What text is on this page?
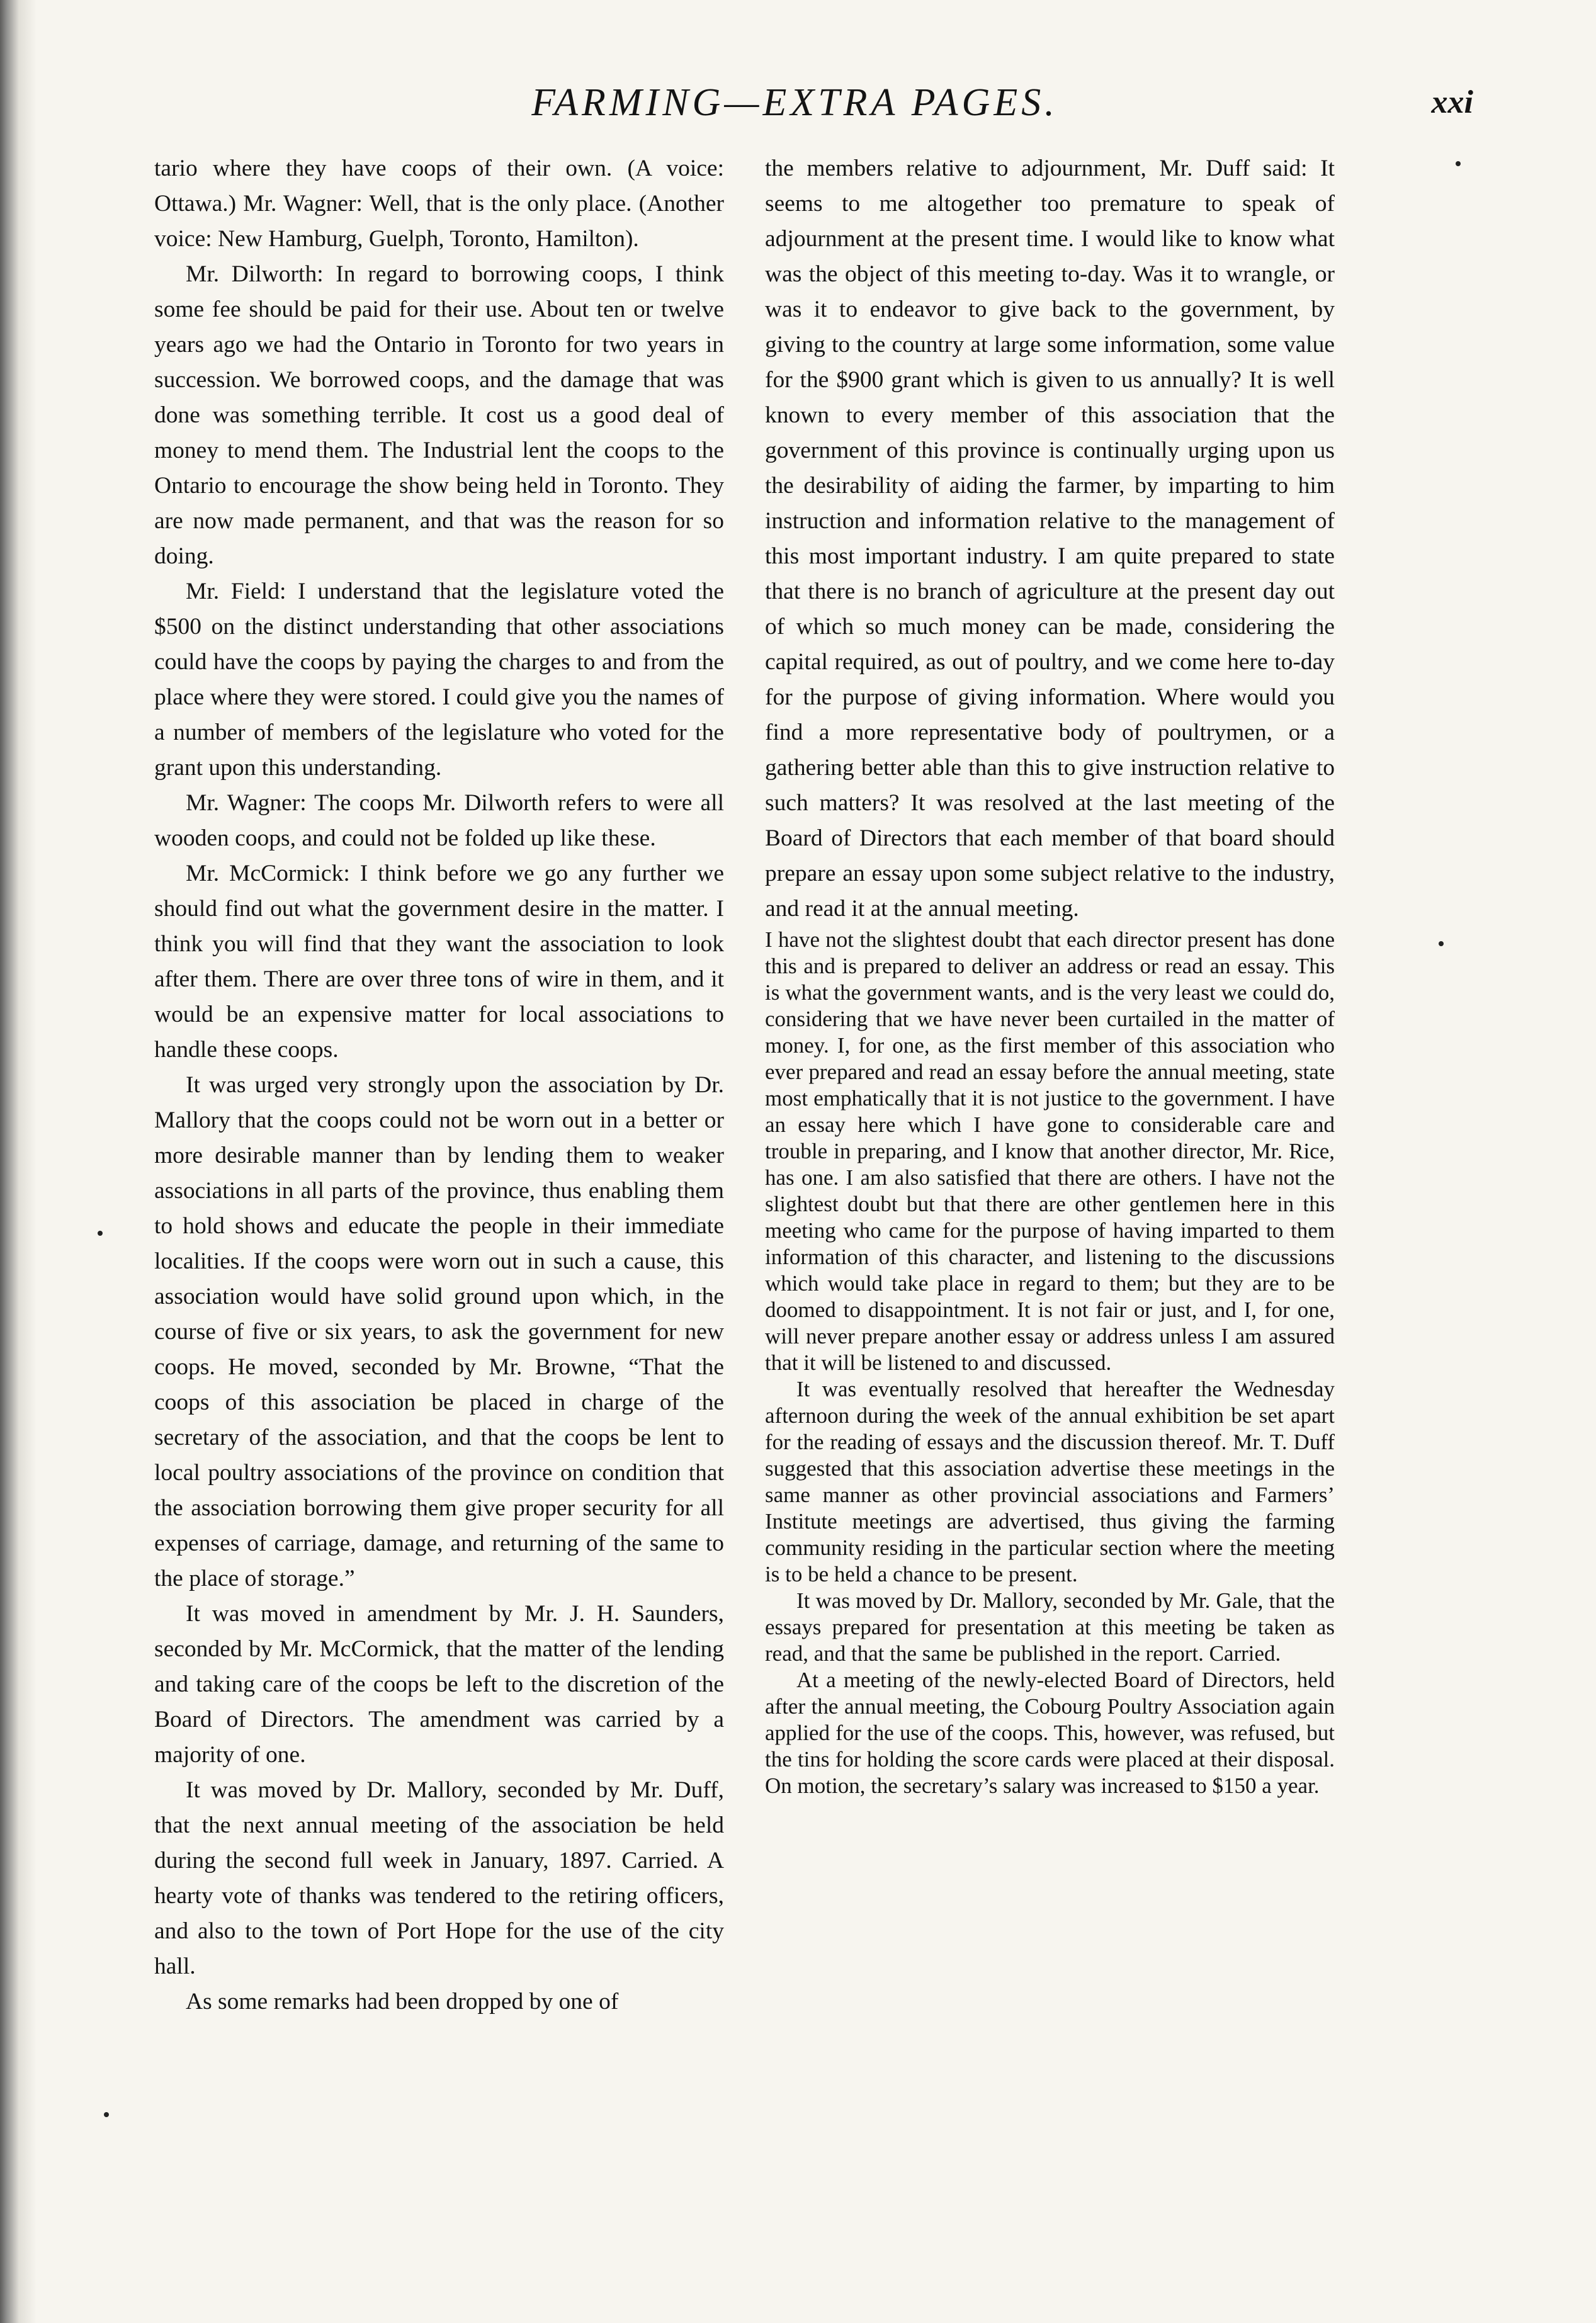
FARMING—EXTRA PAGES.	xxi

tario where they have coops of their own. (A voice: Ottawa.) Mr. Wagner: Well, that is the only place. (Another voice: New Hamburg, Guelph, Toronto, Hamilton).

Mr. Dilworth: In regard to borrowing coops, I think some fee should be paid for their use. About ten or twelve years ago we had the Ontario in Toronto for two years in succession. We borrowed coops, and the damage that was done was something terrible. It cost us a good deal of money to mend them. The Industrial lent the coops to the Ontario to encourage the show being held in Toronto. They are now made permanent, and that was the reason for so doing.

Mr. Field: I understand that the legislature voted the $500 on the distinct understanding that other associations could have the coops by paying the charges to and from the place where they were stored. I could give you the names of a number of members of the legislature who voted for the grant upon this understanding.

Mr. Wagner: The coops Mr. Dilworth refers to were all wooden coops, and could not be folded up like these.

Mr. McCormick: I think before we go any further we should find out what the government desire in the matter. I think you will find that they want the association to look after them. There are over three tons of wire in them, and it would be an expensive matter for local associations to handle these coops.

It was urged very strongly upon the association by Dr. Mallory that the coops could not be worn out in a better or more desirable manner than by lending them to weaker associations in all parts of the province, thus enabling them to hold shows and educate the people in their immediate localities. If the coops were worn out in such a cause, this association would have solid ground upon which, in the course of five or six years, to ask the government for new coops. He moved, seconded by Mr. Browne, “That the coops of this association be placed in charge of the secretary of the association, and that the coops be lent to local poultry associations of the province on condition that the association borrowing them give proper security for all expenses of carriage, damage, and returning of the same to the place of storage.”

It was moved in amendment by Mr. J. H. Saunders, seconded by Mr. McCormick, that the matter of the lending and taking care of the coops be left to the discretion of the Board of Directors. The amendment was carried by a majority of one.

It was moved by Dr. Mallory, seconded by Mr. Duff, that the next annual meeting of the association be held during the second full week in January, 1897. Carried. A hearty vote of thanks was tendered to the retiring officers, and also to the town of Port Hope for the use of the city hall.

As some remarks had been dropped by one of

the members relative to adjournment, Mr. Duff said: It seems to me altogether too premature to speak of adjournment at the present time. I would like to know what was the object of this meeting to-day. Was it to wrangle, or was it to endeavor to give back to the government, by giving to the country at large some information, some value for the $900 grant which is given to us annually? It is well known to every member of this association that the government of this province is continually urging upon us the desirability of aiding the farmer, by imparting to him instruction and information relative to the management of this most important industry. I am quite prepared to state that there is no branch of agriculture at the present day out of which so much money can be made, considering the capital required, as out of poultry, and we come here to-day for the purpose of giving information. Where would you find a more representative body of poultrymen, or a gathering better able than this to give instruction relative to such matters? It was resolved at the last meeting of the Board of Directors that each member of that board should prepare an essay upon some subject relative to the industry, and read it at the annual meeting.

I have not the slightest doubt that each director present has done this and is prepared to deliver an address or read an essay. This is what the government wants, and is the very least we could do, considering that we have never been curtailed in the matter of money. I, for one, as the first member of this association who ever prepared and read an essay before the annual meeting, state most emphatically that it is not justice to the government. I have an essay here which I have gone to considerable care and trouble in preparing, and I know that another director, Mr. Rice, has one. I am also satisfied that there are others. I have not the slightest doubt but that there are other gentlemen here in this meeting who came for the purpose of having imparted to them information of this character, and listening to the discussions which would take place in regard to them; but they are to be doomed to disappointment. It is not fair or just, and I, for one, will never prepare another essay or address unless I am assured that it will be listened to and discussed.

It was eventually resolved that hereafter the Wednesday afternoon during the week of the annual exhibition be set apart for the reading of essays and the discussion thereof. Mr. T. Duff suggested that this association advertise these meetings in the same manner as other provincial associations and Farmers’ Institute meetings are advertised, thus giving the farming community residing in the particular section where the meeting is to be held a chance to be present.

It was moved by Dr. Mallory, seconded by Mr. Gale, that the essays prepared for presentation at this meeting be taken as read, and that the same be published in the report. Carried.

At a meeting of the newly-elected Board of Directors, held after the annual meeting, the Cobourg Poultry Association again applied for the use of the coops. This, however, was refused, but the tins for holding the score cards were placed at their disposal. On motion, the secretary’s salary was increased to $150 a year.
